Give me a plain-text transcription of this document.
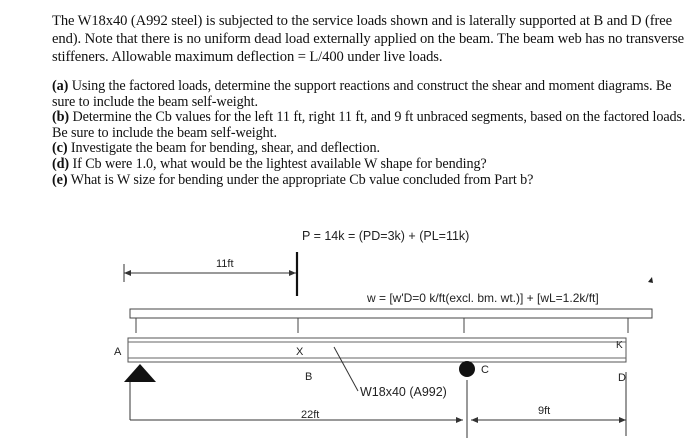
The W18x40 (A992 steel) is subjected to the service loads shown and is laterally supported at B and D (free end). Note that there is no uniform dead load externally applied on the beam. The beam web has no transverse stiffeners. Allowable maximum deflection = L/400 under live loads.

(a) Using the factored loads, determine the support reactions and construct the shear and moment diagrams. Be sure to include the beam self-weight.
(b) Determine the Cb values for the left 11 ft, right 11 ft, and 9 ft unbraced segments, based on the factored loads. Be sure to include the beam self-weight.
(c) Investigate the beam for bending, shear, and deflection.
(d) If Cb were 1.0, what would be the lightest available W shape for bending?
(e) What is W size for bending under the appropriate Cb value concluded from Part b?
P = 14k = (PD=3k) + (PL=11k)
11ft
w = [w'D=0 k/ft(excl. bm. wt.)] + [wL=1.2k/ft]
A
K
X
C
B	D
W18x40 (A992)
22ft	9ft
